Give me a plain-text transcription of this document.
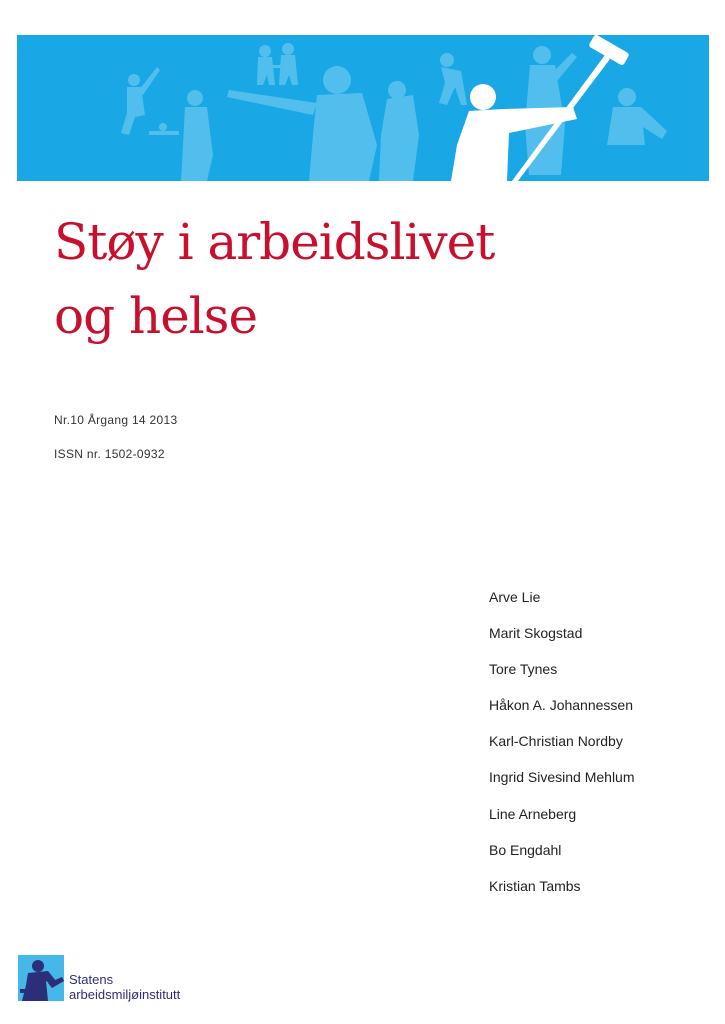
Støy i arbeidslivet
og helse
Nr.10 Årgang 14 2013
ISSN nr. 1502-0932
Arve Lie
Marit Skogstad
Tore Tynes
Håkon A. Johannessen
Karl-Christian Nordby
Ingrid Sivesind Mehlum
Line Arneberg
Bo Engdahl
Kristian Tambs
Statens
arbeidsmiljøinstitutt
